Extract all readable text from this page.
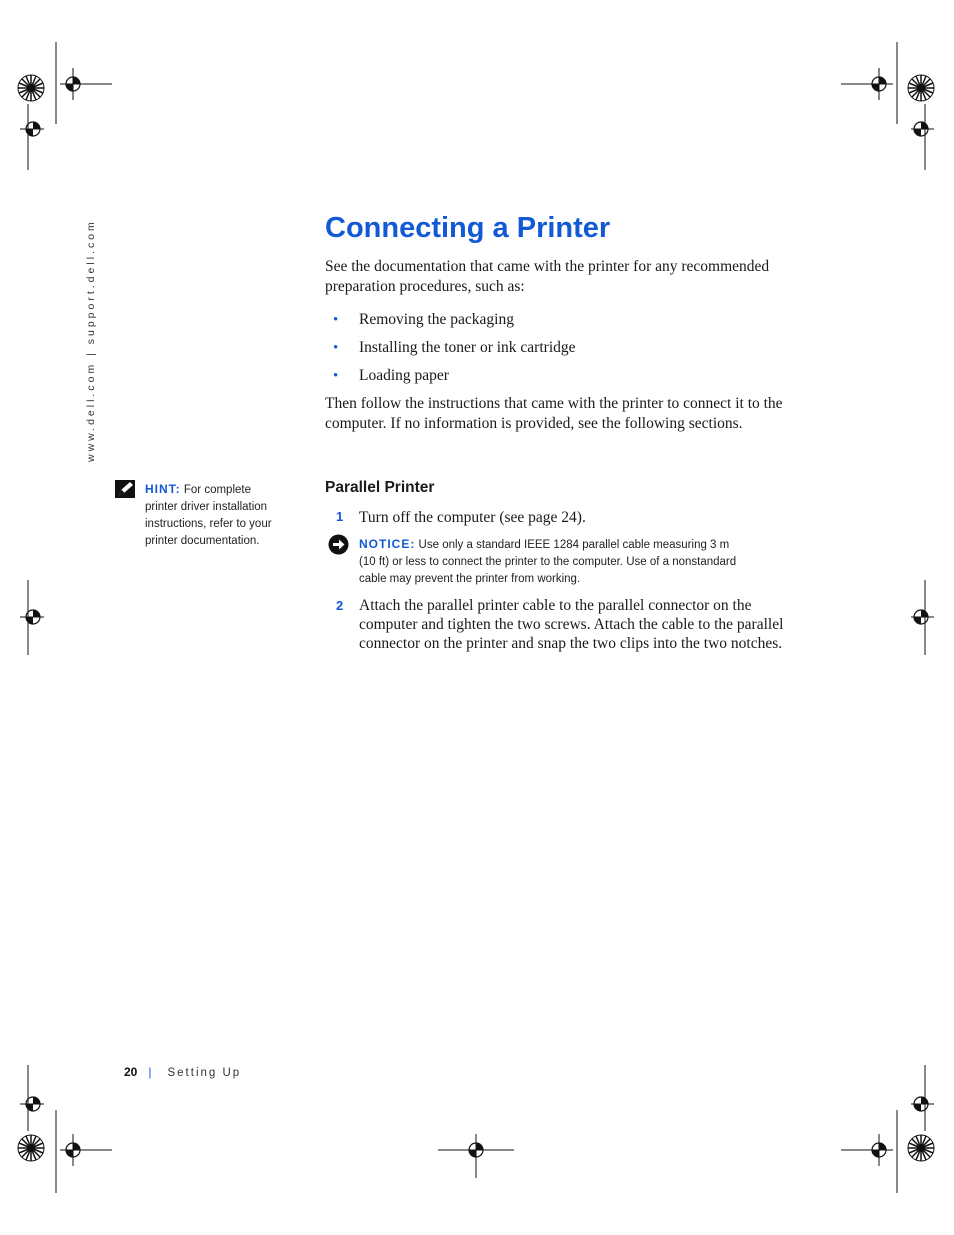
www.dell.com | support.dell.com	Connecting a Printer
See the documentation that came with the printer for any recommended
preparation procedures, such as:
• Removing the packaging
• Installing the toner or ink cartridge
• Loading paper
Then follow the instructions that came with the printer to connect it to the
computer. If no information is provided, see the following sections.
HINT: For complete
printer driver installation
instructions, refer to your
printer documentation.
Parallel Printer
1 Turn off the computer (see page 24).
NOTICE: Use only a standard IEEE 1284 parallel cable measuring 3 m
(10 ft) or less to connect the printer to the computer. Use of a nonstandard
cable may prevent the printer from working.
2 Attach the parallel printer cable to the parallel connector on the
computer and tighten the two screws. Attach the cable to the parallel
connector on the printer and snap the two clips into the two notches.
20 | Setting Up
